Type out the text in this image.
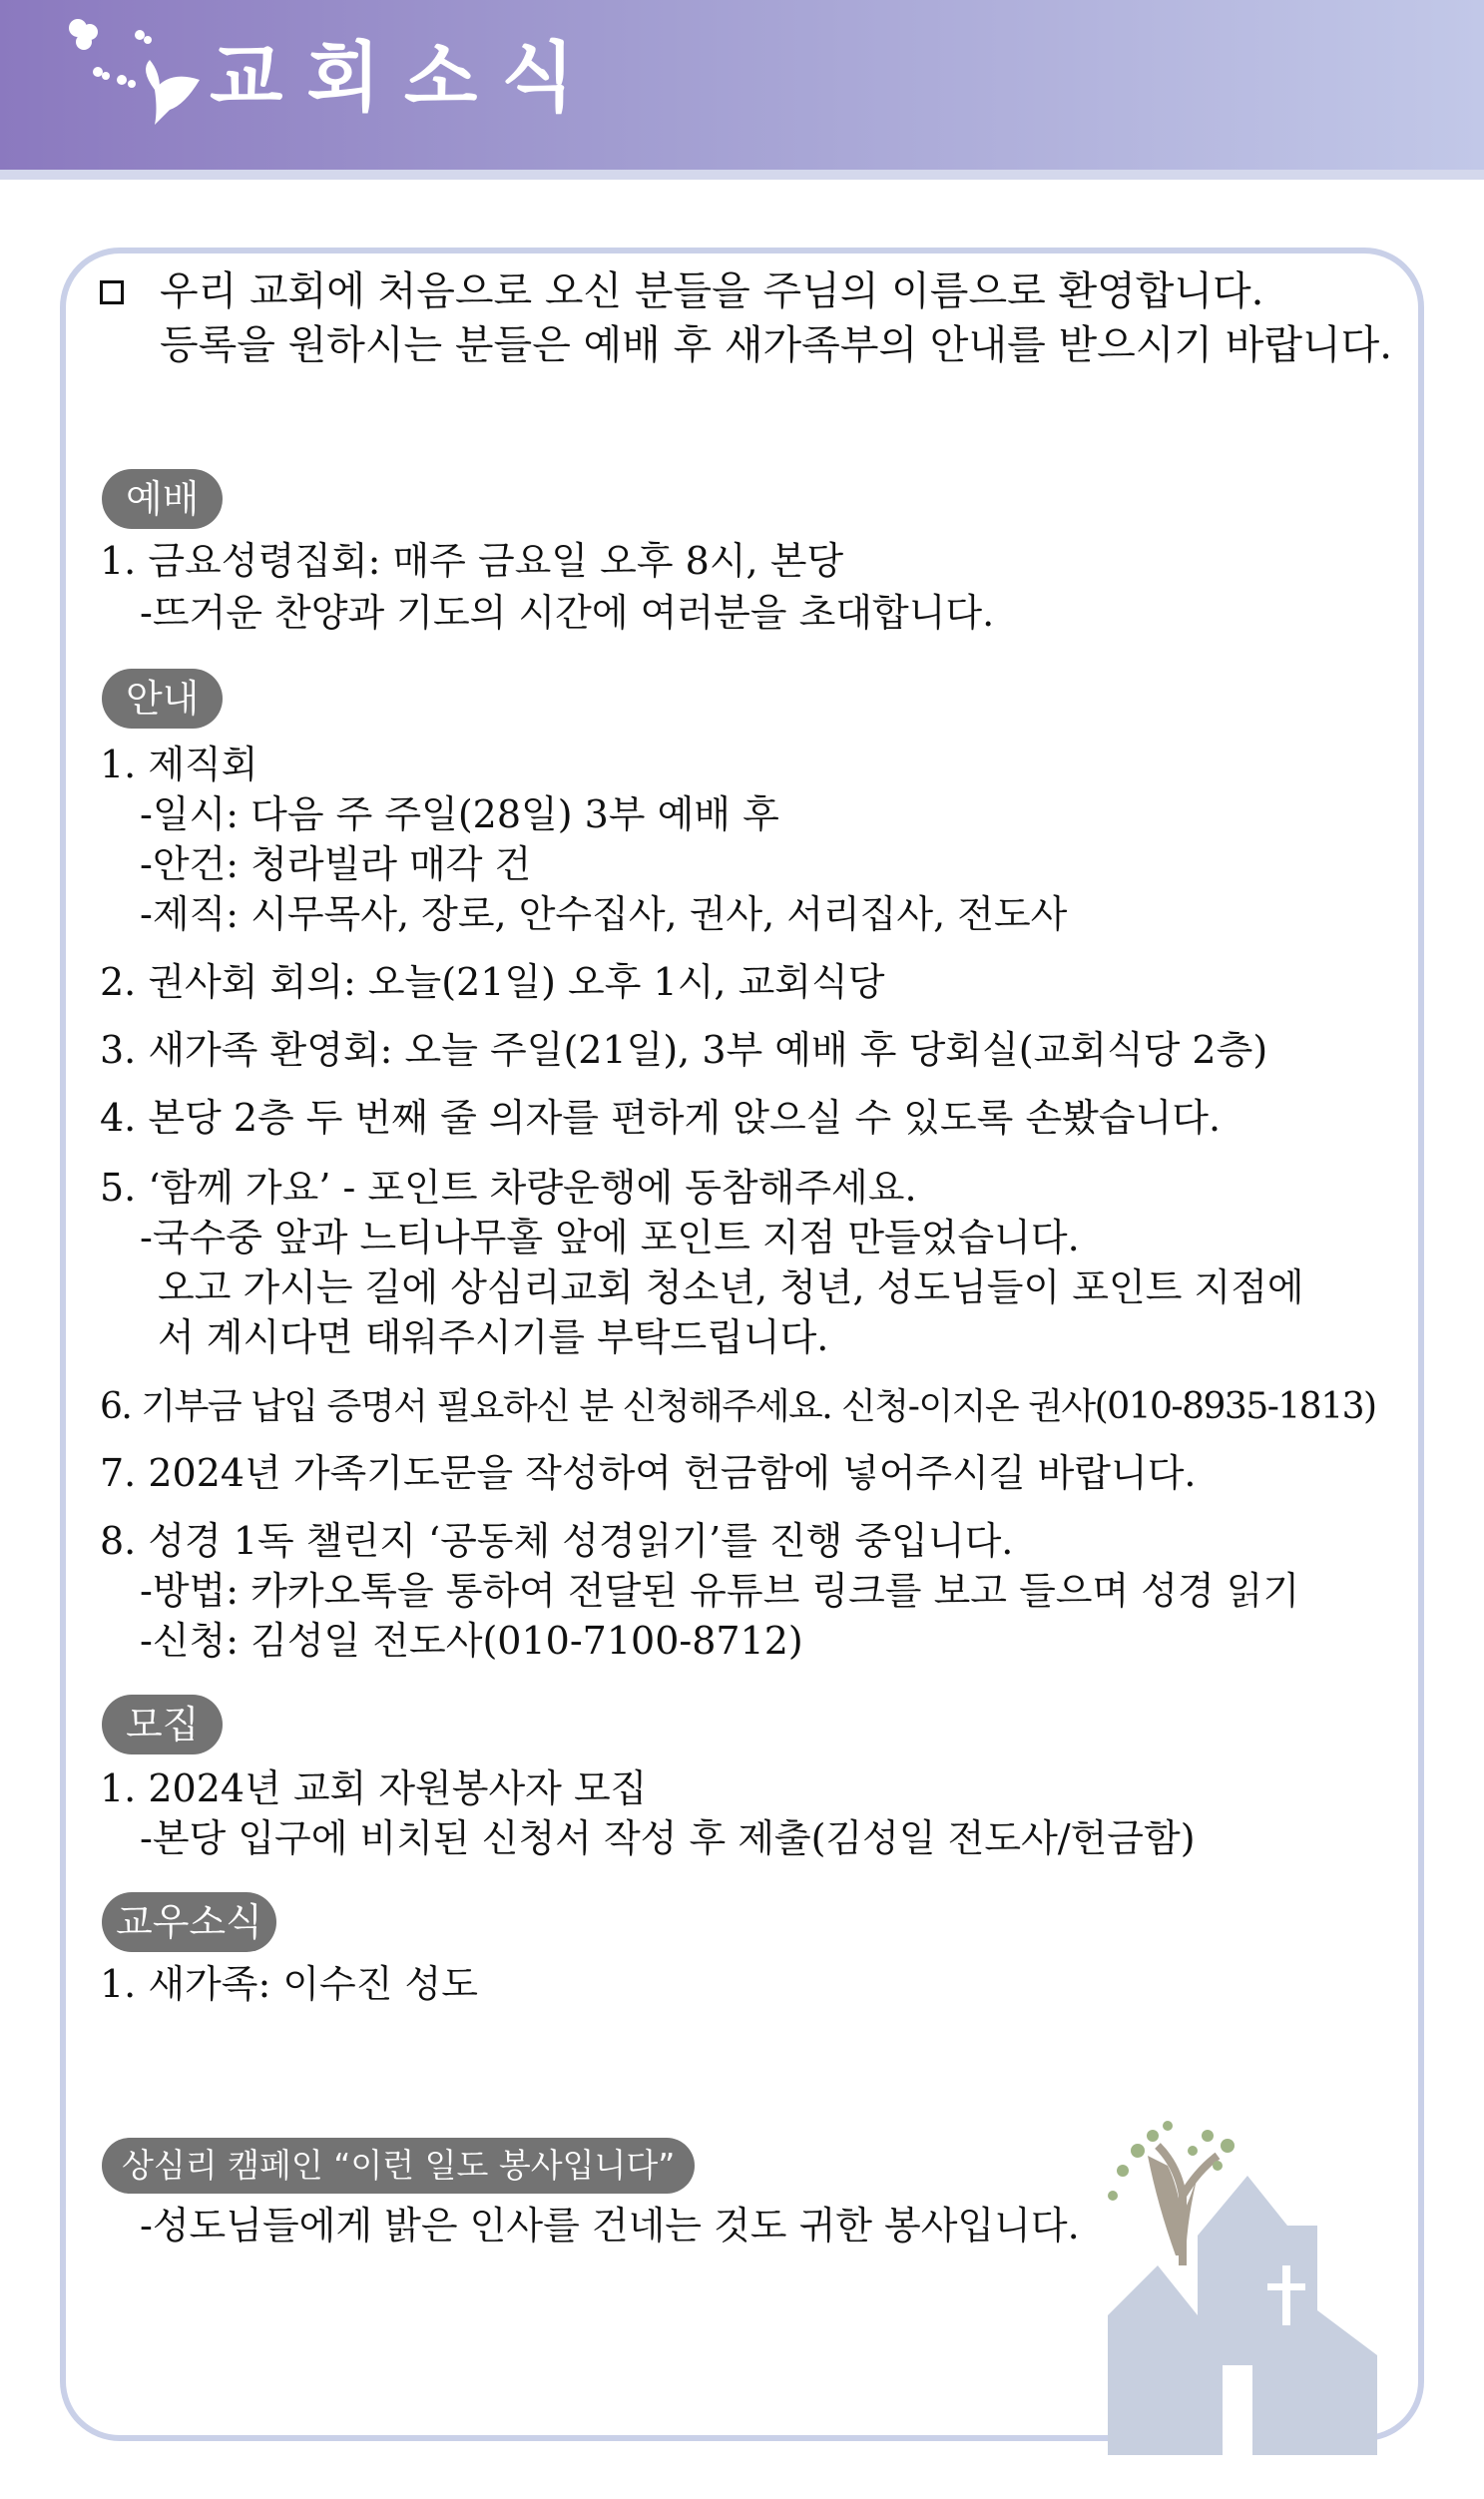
교회소식
우리 교회에 처음으로 오신 분들을 주님의 이름으로 환영합니다.
등록을 원하시는 분들은 예배 후 새가족부의 안내를 받으시기 바랍니다.
예배
1. 금요성령집회: 매주 금요일 오후 8시, 본당
-뜨거운 찬양과 기도의 시간에 여러분을 초대합니다.
안내
1. 제직회
-일시: 다음 주 주일(28일) 3부 예배 후
-안건: 청라빌라 매각 건
-제직: 시무목사, 장로, 안수집사, 권사, 서리집사, 전도사
2. 권사회 회의: 오늘(21일) 오후 1시, 교회식당
3. 새가족 환영회: 오늘 주일(21일), 3부 예배 후 당회실(교회식당 2층)
4. 본당 2층 두 번째 줄 의자를 편하게 앉으실 수 있도록 손봤습니다.
5. ‘함께 가요’ - 포인트 차량운행에 동참해주세요.
-국수중 앞과 느티나무홀 앞에 포인트 지점 만들었습니다.
오고 가시는 길에 상심리교회 청소년, 청년, 성도님들이 포인트 지점에
서 계시다면 태워주시기를 부탁드립니다.
6. 기부금 납입 증명서 필요하신 분 신청해주세요. 신청-이지온 권사(010-8935-1813)
7. 2024년 가족기도문을 작성하여 헌금함에 넣어주시길 바랍니다.
8. 성경 1독 챌린지 ‘공동체 성경읽기’를 진행 중입니다.
-방법: 카카오톡을 통하여 전달된 유튜브 링크를 보고 들으며 성경 읽기
-신청: 김성일 전도사(010-7100-8712)
모집
1. 2024년 교회 자원봉사자 모집
-본당 입구에 비치된 신청서 작성 후 제출(김성일 전도사/헌금함)
교우소식
1. 새가족: 이수진 성도
상심리 캠페인 “이런 일도 봉사입니다”
-성도님들에게 밝은 인사를 건네는 것도 귀한 봉사입니다.
